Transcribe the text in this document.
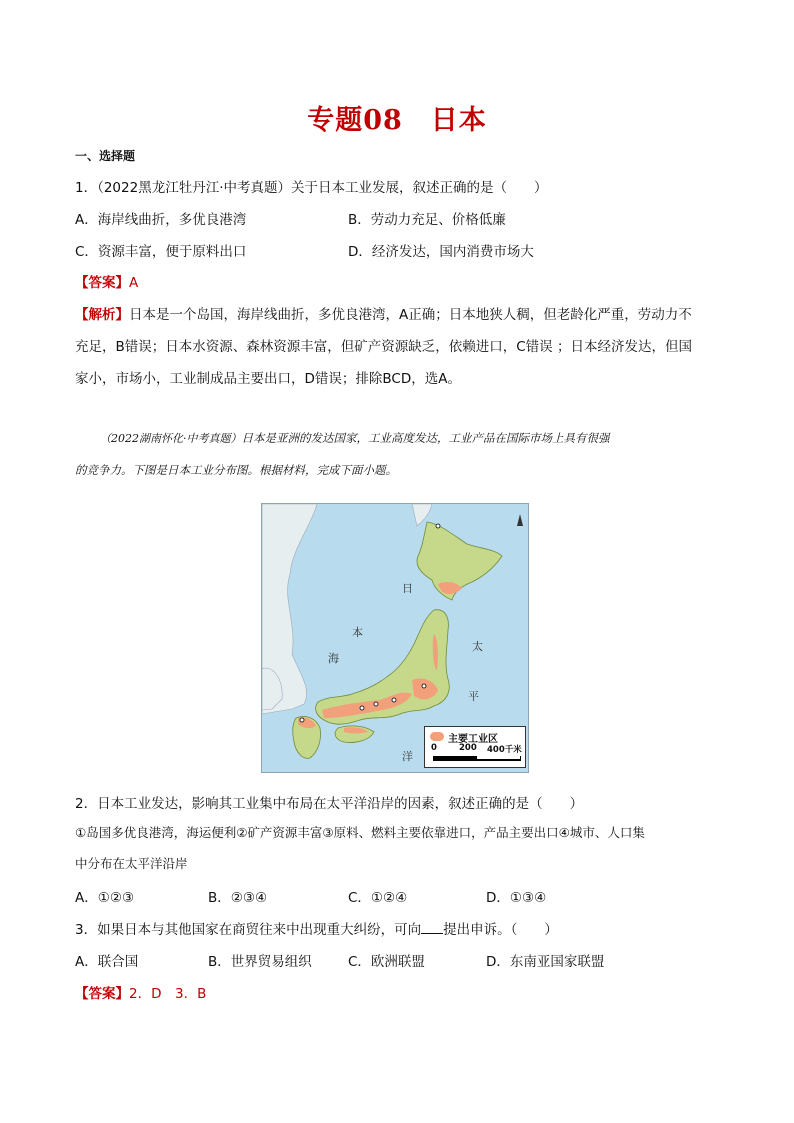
专题08　日本
一、选择题
1．（2022黑龙江牡丹江·中考真题）关于日本工业发展，叙述正确的是（　　）
A．海岸线曲折，多优良港湾	B．劳动力充足、价格低廉
C．资源丰富，便于原料出口	D．经济发达，国内消费市场大
【答案】A
【解析】日本是一个岛国，海岸线曲折，多优良港湾，A正确；日本地狭人稠，但老龄化严重，劳动力不
充足，B错误；日本水资源、森林资源丰富，但矿产资源缺乏，依赖进口，C错误 ；日本经济发达，但国
家小，市场小，工业制成品主要出口，D错误；排除BCD，选A。
（2022湖南怀化·中考真题）日本是亚洲的发达国家，工业高度发达，工业产品在国际市场上具有很强
的竞争力。下图是日本工业分布图。根据材料，完成下面小题。
日
本
海
太
平
洋
主要工业区
0	200 400千米
2．日本工业发达，影响其工业集中布局在太平洋沿岸的因素，叙述正确的是（　　）
①岛国多优良港湾，海运便利②矿产资源丰富③原料、燃料主要依靠进口，产品主要出口④城市、人口集
中分布在太平洋沿岸
A．①②③	B．②③④	C．①②④	D．①③④
3．如果日本与其他国家在商贸往来中出现重大纠纷，可向 提出申诉。（　　）
A．联合国	B．世界贸易组织	C．欧洲联盟	D．东南亚国家联盟
【答案】2．D　3．B
